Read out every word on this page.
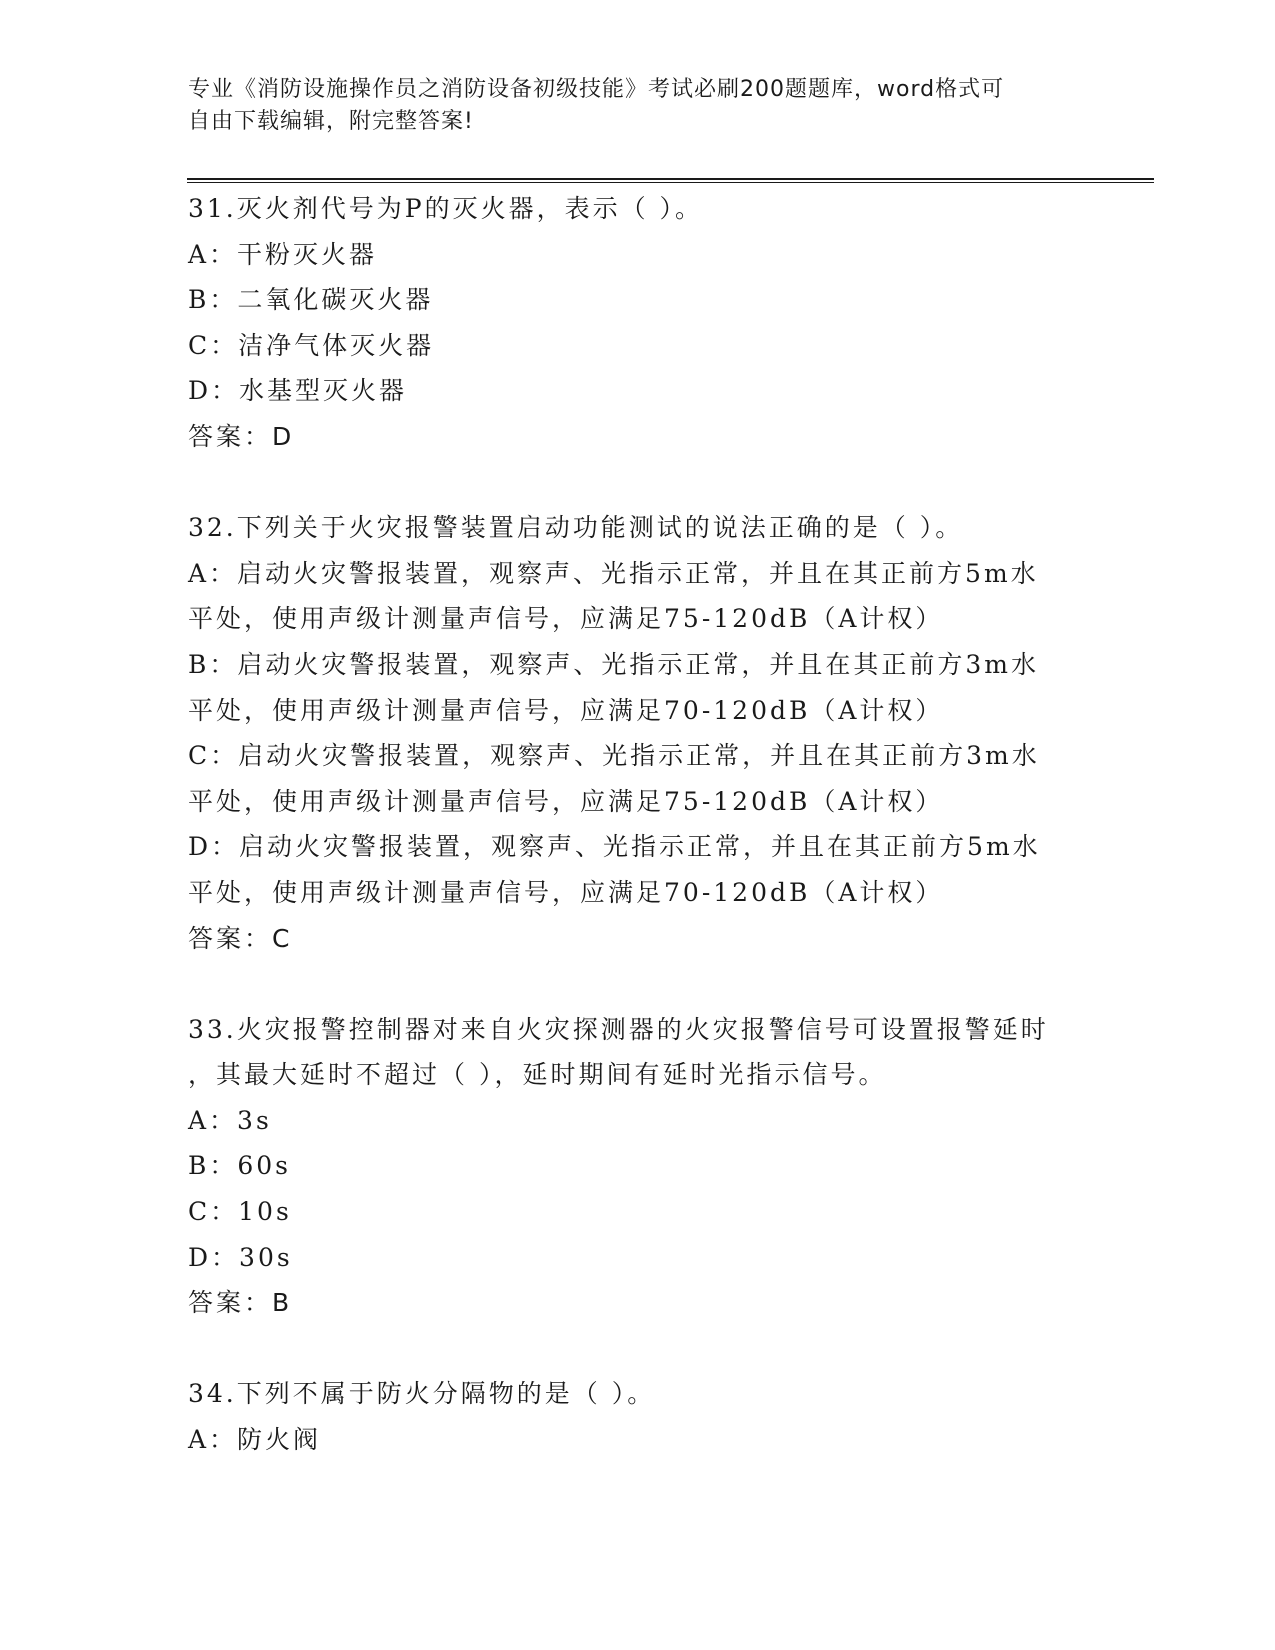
专业《消防设施操作员之消防设备初级技能》考试必刷200题题库，word格式可
自由下载编辑，附完整答案!
31.灭火剂代号为P的灭火器，表示（ ）。
A：干粉灭火器
B：二氧化碳灭火器
C：洁净气体灭火器
D：水基型灭火器
答案：D
32.下列关于火灾报警装置启动功能测试的说法正确的是（ ）。
A：启动火灾警报装置，观察声、光指示正常，并且在其正前方5m水
平处，使用声级计测量声信号，应满足75-120dB（A计权）
B：启动火灾警报装置，观察声、光指示正常，并且在其正前方3m水
平处，使用声级计测量声信号，应满足70-120dB（A计权）
C：启动火灾警报装置，观察声、光指示正常，并且在其正前方3m水
平处，使用声级计测量声信号，应满足75-120dB（A计权）
D：启动火灾警报装置，观察声、光指示正常，并且在其正前方5m水
平处，使用声级计测量声信号，应满足70-120dB（A计权）
答案：C
33.火灾报警控制器对来自火灾探测器的火灾报警信号可设置报警延时
，其最大延时不超过（ ），延时期间有延时光指示信号。
A：3s
B：60s
C：10s
D：30s
答案：B
34.下列不属于防火分隔物的是（ ）。
A：防火阀
